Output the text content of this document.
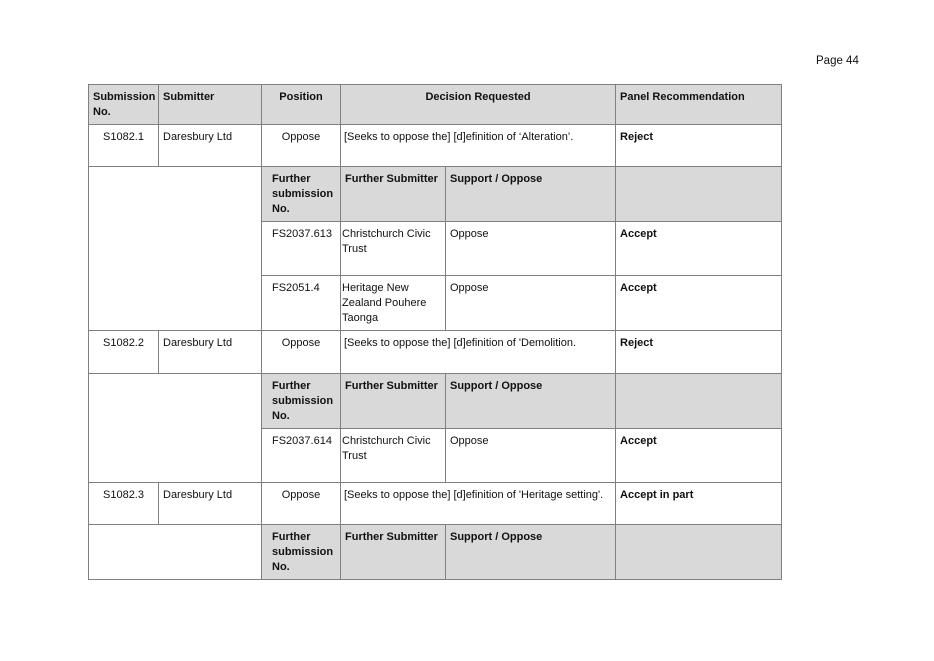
Page 44
Submission No.	Submitter	Position	Decision Requested		Panel Recommendation
S1082.1	Daresbury Ltd	Oppose	[Seeks to oppose the] [d]efinition of ‘Alteration’.		Reject
		Further submission No.	Further Submitter	Support / Oppose	
		FS2037.613	Christchurch Civic Trust	Oppose	Accept
		FS2051.4	Heritage New Zealand Pouhere Taonga	Oppose	Accept
S1082.2	Daresbury Ltd	Oppose	[Seeks to oppose the] [d]efinition of 'Demolition.		Reject
		Further submission No.	Further Submitter	Support / Oppose	
		FS2037.614	Christchurch Civic Trust	Oppose	Accept
S1082.3	Daresbury Ltd	Oppose	[Seeks to oppose the] [d]efinition of 'Heritage setting'.		Accept in part
		Further submission No.	Further Submitter	Support / Oppose	
